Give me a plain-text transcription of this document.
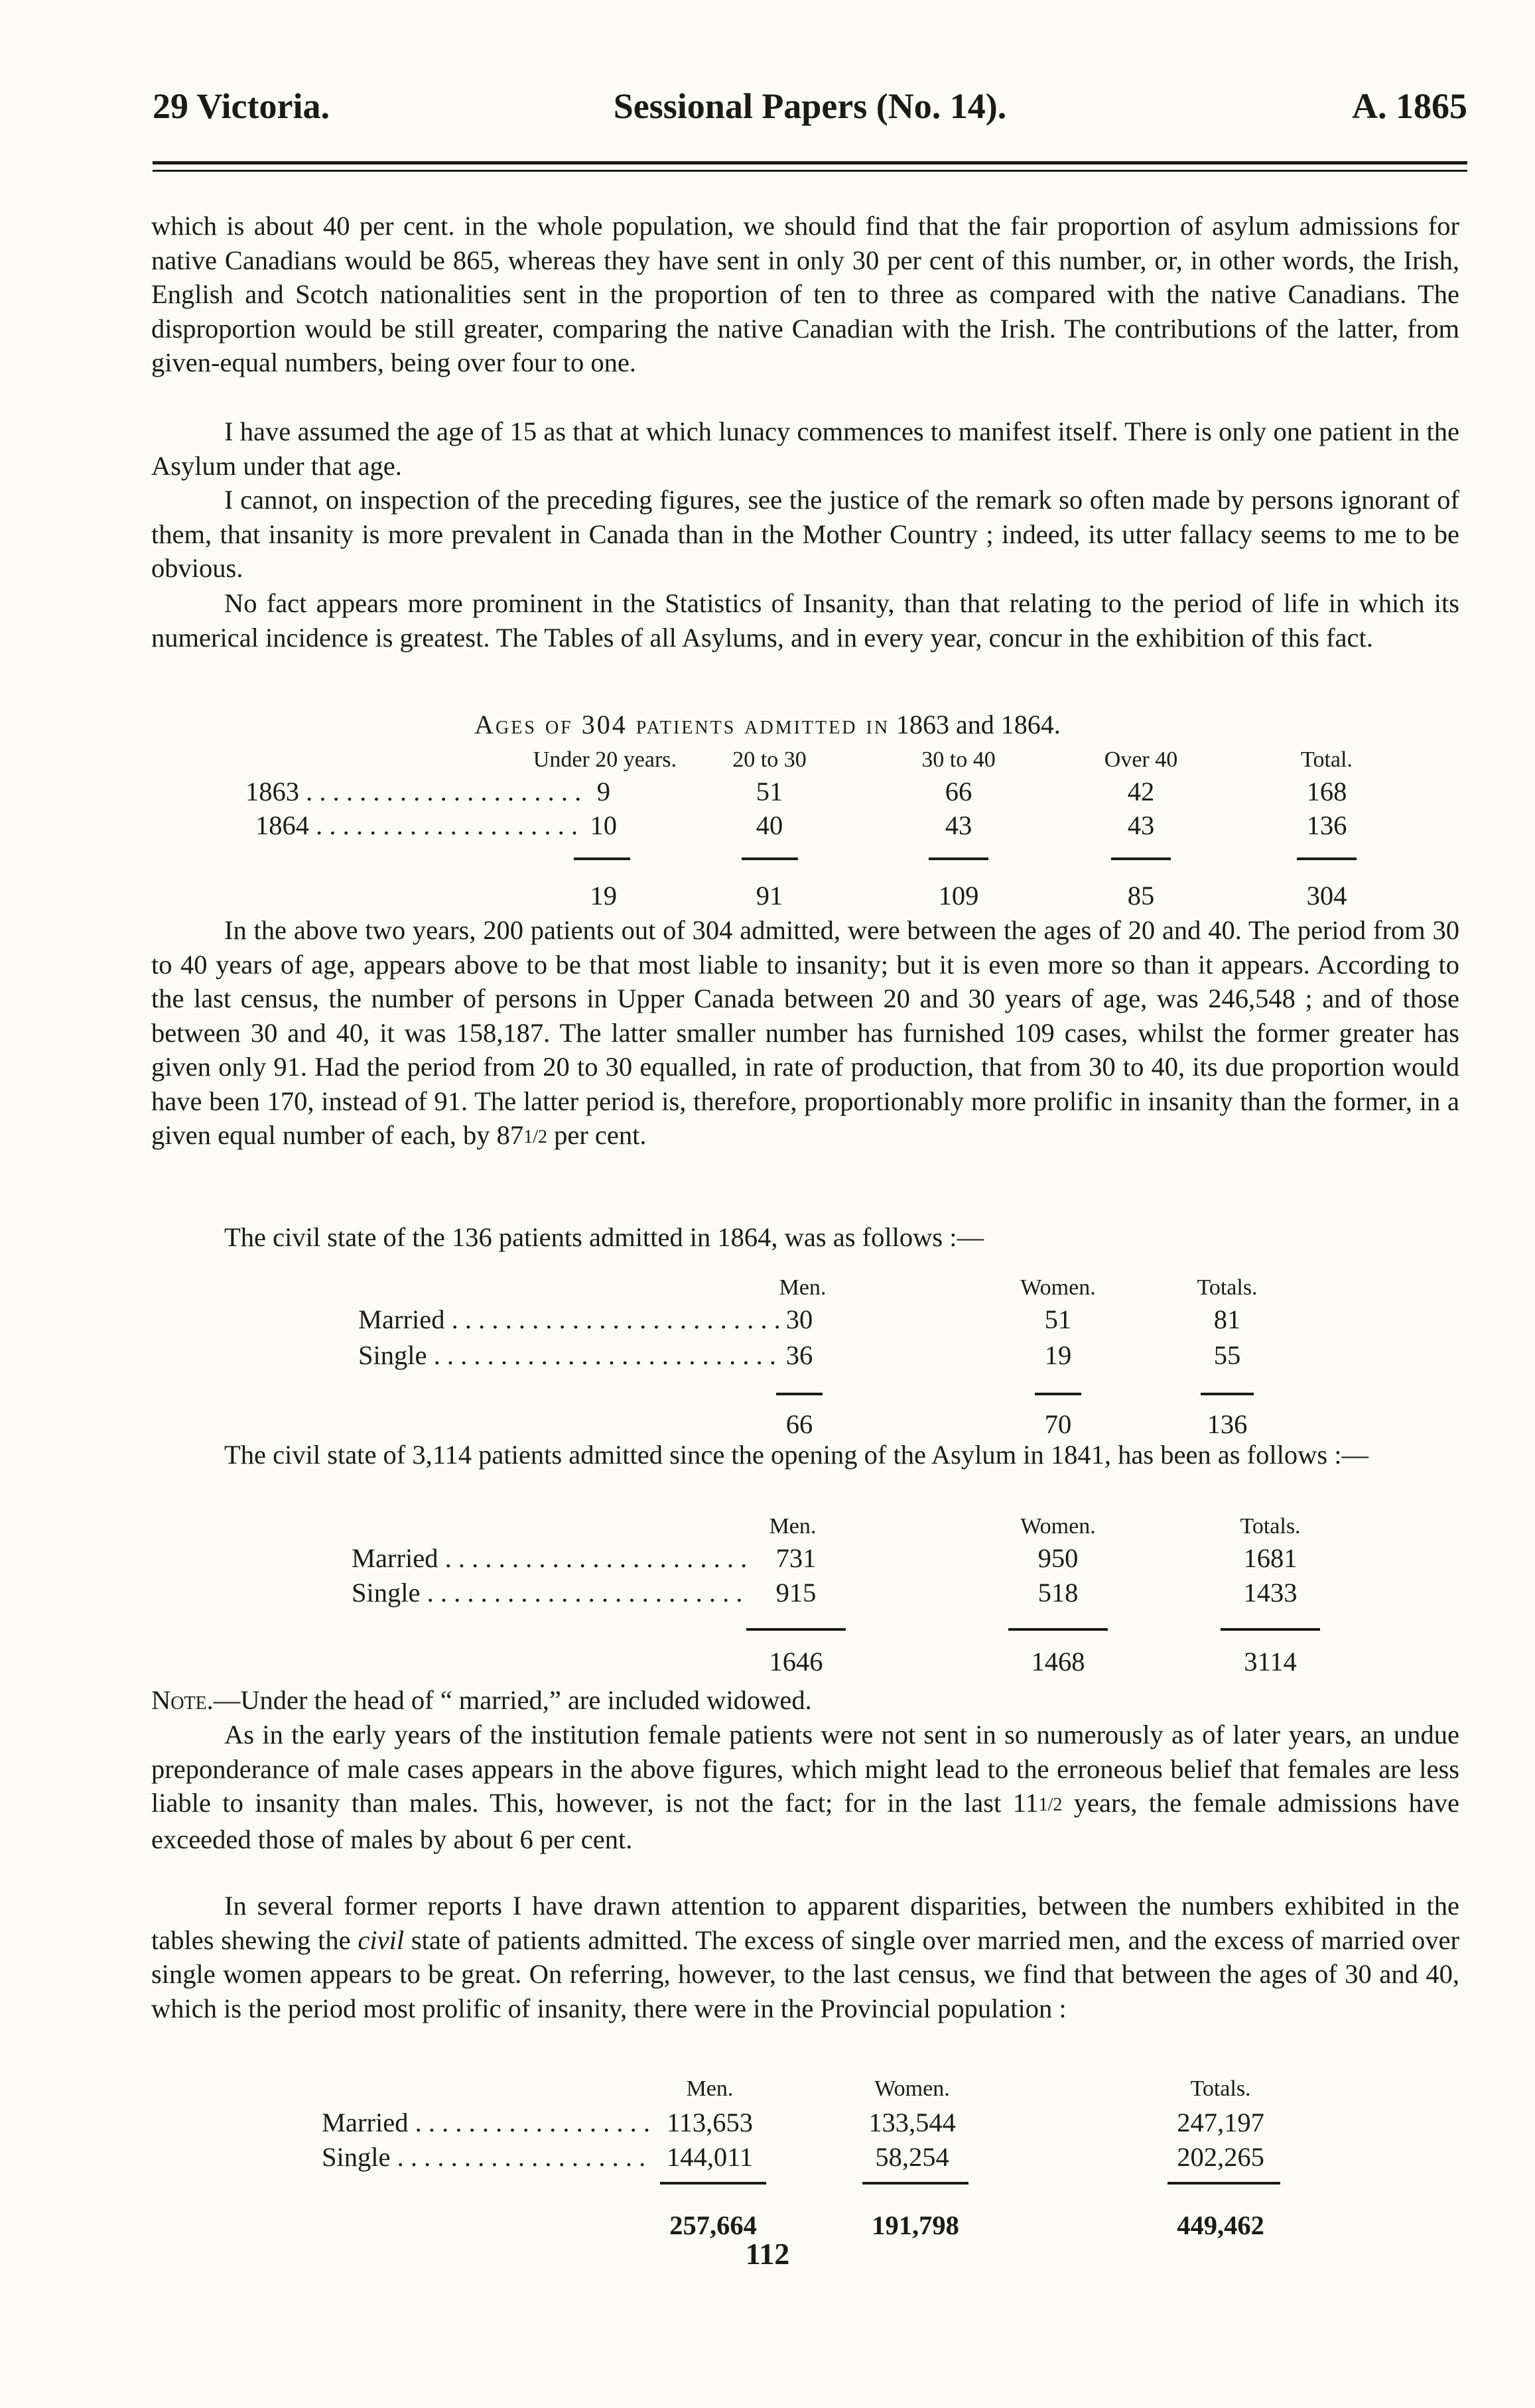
29 Victoria.	Sessional Papers (No. 14).	A. 1865

which is about 40 per cent. in the whole population, we should find that the fair proportion of asylum admissions for native Canadians would be 865, whereas they have sent in only 30 per cent of this number, or, in other words, the Irish, English and Scotch nationalities sent in the proportion of ten to three as compared with the native Canadians. The disproportion would be still greater, comparing the native Canadian with the Irish. The contributions of the latter, from given-equal numbers, being over four to one.

I have assumed the age of 15 as that at which lunacy commences to manifest itself. There is only one patient in the Asylum under that age.

I cannot, on inspection of the preceding figures, see the justice of the remark so often made by persons ignorant of them, that insanity is more prevalent in Canada than in the Mother Country ; indeed, its utter fallacy seems to me to be obvious.

No fact appears more prominent in the Statistics of Insanity, than that relating to the period of life in which its numerical incidence is greatest. The Tables of all Asylums, and in every year, concur in the exhibition of this fact.

Ages of 304 patients admitted in 1863 and 1864.
Under 20 years.	20 to 30	30 to 40	Over 40	Total.
1863 . . .	9	51	66	42	168
1864 . . .	10	40	43	43	136
19	91	109	85	304

In the above two years, 200 patients out of 304 admitted, were between the ages of 20 and 40. The period from 30 to 40 years of age, appears above to be that most liable to insanity; but it is even more so than it appears. According to the last census, the number of persons in Upper Canada between 20 and 30 years of age, was 246,548 ; and of those between 30 and 40, it was 158,187. The latter smaller number has furnished 109 cases, whilst the former greater has given only 91. Had the period from 20 to 30 equalled, in rate of production, that from 30 to 40, its due proportion would have been 170, instead of 91. The latter period is, therefore, proportionably more prolific in insanity than the former, in a given equal number of each, by 871/2 per cent.

The civil state of the 136 patients admitted in 1864, was as follows :—

Men.	Women.	Totals.
Married . . .	30	51	81
Single . . .	36	19	55
66	70	136

The civil state of 3,114 patients admitted since the opening of the Asylum in 1841, has been as follows :—

Men.	Women.	Totals.
Married . . .	731	950	1681
Single . . .	915	518	1433
1646	1468	3114

Note.—Under the head of “ married,” are included widowed.

As in the early years of the institution female patients were not sent in so numerously as of later years, an undue preponderance of male cases appears in the above figures, which might lead to the erroneous belief that females are less liable to insanity than males. This, however, is not the fact; for in the last 111/2 years, the female admissions have exceeded those of males by about 6 per cent.

In several former reports I have drawn attention to apparent disparities, between the numbers exhibited in the tables shewing the civil state of patients admitted. The excess of single over married men, and the excess of married over single women appears to be great. On referring, however, to the last census, we find that between the ages of 30 and 40, which is the period most prolific of insanity, there were in the Provincial population :

Men.	Women.	Totals.
Married . . .	113,653	133,544	247,197
Single . . .	144,011	58,254	202,265
257,664	191,798	449,462
112
